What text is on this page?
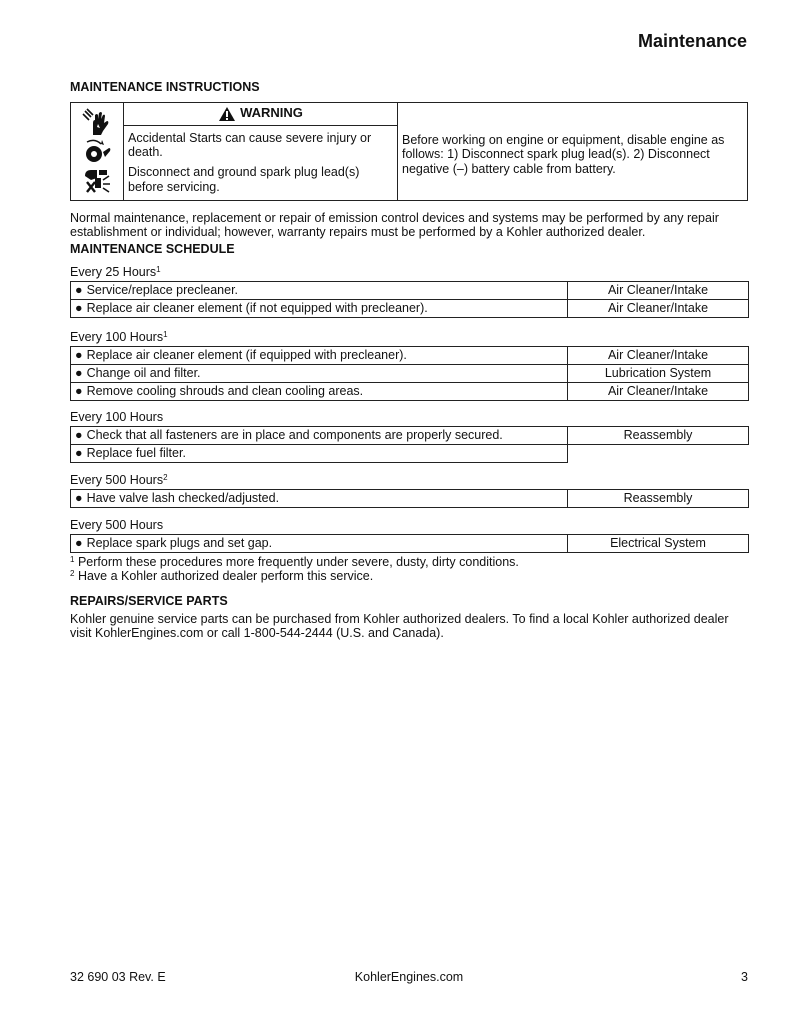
Maintenance
MAINTENANCE INSTRUCTIONS
WARNING

Accidental Starts can cause severe injury or death.

Disconnect and ground spark plug lead(s) before servicing.

Before working on engine or equipment, disable engine as follows: 1) Disconnect spark plug lead(s). 2) Disconnect negative (–) battery cable from battery.
Normal maintenance, replacement or repair of emission control devices and systems may be performed by any repair establishment or individual; however, warranty repairs must be performed by a Kohler authorized dealer.
MAINTENANCE SCHEDULE
Every 25 Hours$^1$
● Service/replace precleaner.	Air Cleaner/Intake
● Replace air cleaner element (if not equipped with precleaner).	Air Cleaner/Intake
Every 100 Hours$^1$
● Replace air cleaner element (if equipped with precleaner).	Air Cleaner/Intake
● Change oil and filter.	Lubrication System
● Remove cooling shrouds and clean cooling areas.	Air Cleaner/Intake
Every 100 Hours
● Check that all fasteners are in place and components are properly secured.	Reassembly
● Replace fuel filter.	
Every 500 Hours$^2$
● Have valve lash checked/adjusted.	Reassembly
Every 500 Hours
● Replace spark plugs and set gap.	Electrical System
$^1$ Perform these procedures more frequently under severe, dusty, dirty conditions.
$^2$ Have a Kohler authorized dealer perform this service.
REPAIRS/SERVICE PARTS
Kohler genuine service parts can be purchased from Kohler authorized dealers. To find a local Kohler authorized dealer visit KohlerEngines.com or call 1-800-544-2444 (U.S. and Canada).
32 690 03 Rev. E	KohlerEngines.com	3
